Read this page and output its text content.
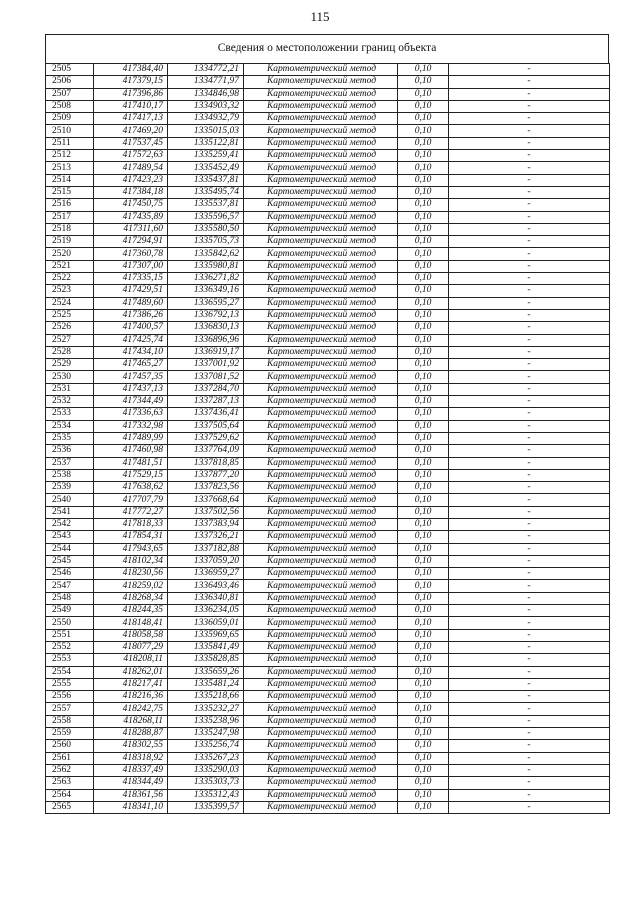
115
Сведения о местоположении границ объекта
2505	417384,40	1334772,21	Картометрический метод	0,10	-
2506	417379,15	1334771,97	Картометрический метод	0,10	-
2507	417396,86	1334846,98	Картометрический метод	0,10	-
2508	417410,17	1334903,32	Картометрический метод	0,10	-
2509	417417,13	1334932,79	Картометрический метод	0,10	-
2510	417469,20	1335015,03	Картометрический метод	0,10	-
2511	417537,45	1335122,81	Картометрический метод	0,10	-
2512	417572,63	1335259,41	Картометрический метод	0,10	-
2513	417489,54	1335452,49	Картометрический метод	0,10	-
2514	417423,23	1335437,81	Картометрический метод	0,10	-
2515	417384,18	1335495,74	Картометрический метод	0,10	-
2516	417450,75	1335537,81	Картометрический метод	0,10	-
2517	417435,89	1335596,57	Картометрический метод	0,10	-
2518	417311,60	1335580,50	Картометрический метод	0,10	-
2519	417294,91	1335705,73	Картометрический метод	0,10	-
2520	417360,78	1335842,62	Картометрический метод	0,10	-
2521	417307,00	1335980,81	Картометрический метод	0,10	-
2522	417335,15	1336271,82	Картометрический метод	0,10	-
2523	417429,51	1336349,16	Картометрический метод	0,10	-
2524	417489,60	1336595,27	Картометрический метод	0,10	-
2525	417386,26	1336792,13	Картометрический метод	0,10	-
2526	417400,57	1336830,13	Картометрический метод	0,10	-
2527	417425,74	1336896,96	Картометрический метод	0,10	-
2528	417434,10	1336919,17	Картометрический метод	0,10	-
2529	417465,27	1337001,92	Картометрический метод	0,10	-
2530	417457,35	1337081,52	Картометрический метод	0,10	-
2531	417437,13	1337284,70	Картометрический метод	0,10	-
2532	417344,49	1337287,13	Картометрический метод	0,10	-
2533	417336,63	1337436,41	Картометрический метод	0,10	-
2534	417332,98	1337505,64	Картометрический метод	0,10	-
2535	417489,99	1337529,62	Картометрический метод	0,10	-
2536	417460,98	1337764,09	Картометрический метод	0,10	-
2537	417481,51	1337818,85	Картометрический метод	0,10	-
2538	417529,15	1337877,20	Картометрический метод	0,10	-
2539	417638,62	1337823,56	Картометрический метод	0,10	-
2540	417707,79	1337668,64	Картометрический метод	0,10	-
2541	417772,27	1337502,56	Картометрический метод	0,10	-
2542	417818,33	1337383,94	Картометрический метод	0,10	-
2543	417854,31	1337326,21	Картометрический метод	0,10	-
2544	417943,65	1337182,88	Картометрический метод	0,10	-
2545	418102,34	1337059,20	Картометрический метод	0,10	-
2546	418230,56	1336959,27	Картометрический метод	0,10	-
2547	418259,02	1336493,46	Картометрический метод	0,10	-
2548	418268,34	1336340,81	Картометрический метод	0,10	-
2549	418244,35	1336234,05	Картометрический метод	0,10	-
2550	418148,41	1336059,01	Картометрический метод	0,10	-
2551	418058,58	1335969,65	Картометрический метод	0,10	-
2552	418077,29	1335841,49	Картометрический метод	0,10	-
2553	418208,11	1335828,85	Картометрический метод	0,10	-
2554	418262,01	1335659,26	Картометрический метод	0,10	-
2555	418217,41	1335481,24	Картометрический метод	0,10	-
2556	418216,36	1335218,66	Картометрический метод	0,10	-
2557	418242,75	1335232,27	Картометрический метод	0,10	-
2558	418268,11	1335238,96	Картометрический метод	0,10	-
2559	418288,87	1335247,98	Картометрический метод	0,10	-
2560	418302,55	1335256,74	Картометрический метод	0,10	-
2561	418318,92	1335267,23	Картометрический метод	0,10	-
2562	418337,49	1335290,03	Картометрический метод	0,10	-
2563	418344,49	1335303,73	Картометрический метод	0,10	-
2564	418361,56	1335312,43	Картометрический метод	0,10	-
2565	418341,10	1335399,57	Картометрический метод	0,10	-
